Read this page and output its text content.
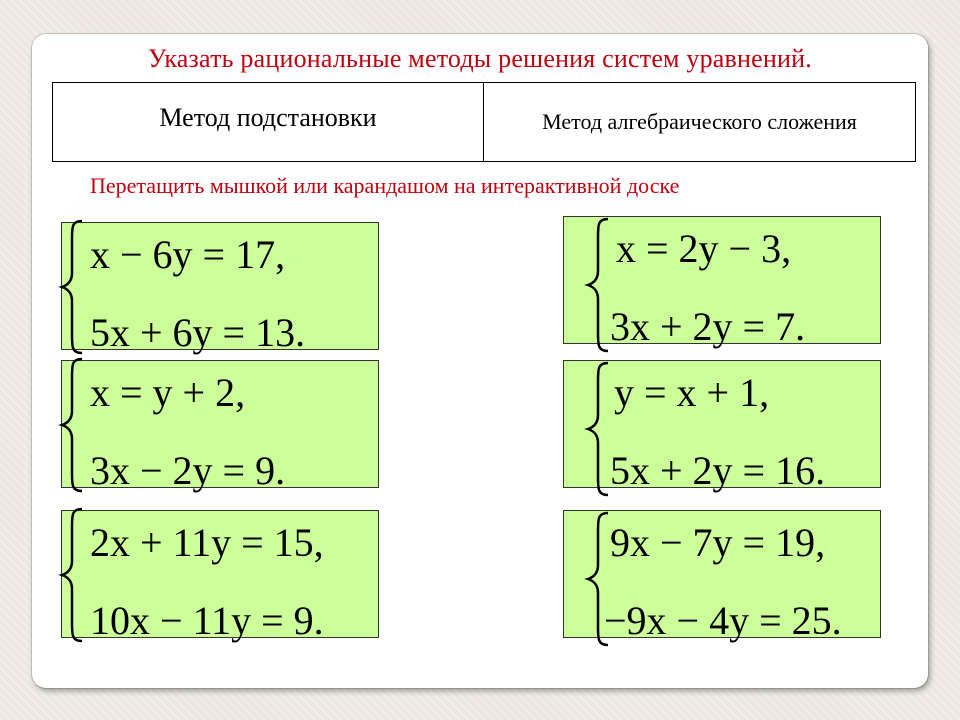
Указать рациональные методы решения систем уравнений.
Метод подстановки	Метод алгебраического сложения

Перетащить мышкой или карандашом на интерактивной доске

x − 6y = 17,
5x + 6y = 13.
x = y + 2,
3x − 2y = 9.
2x + 11y = 15,
10x − 11y = 9.
x = 2y − 3,
3x + 2y = 7.
y = x + 1,
5x + 2y = 16.
9x − 7y = 19,
−9x − 4y = 25.
